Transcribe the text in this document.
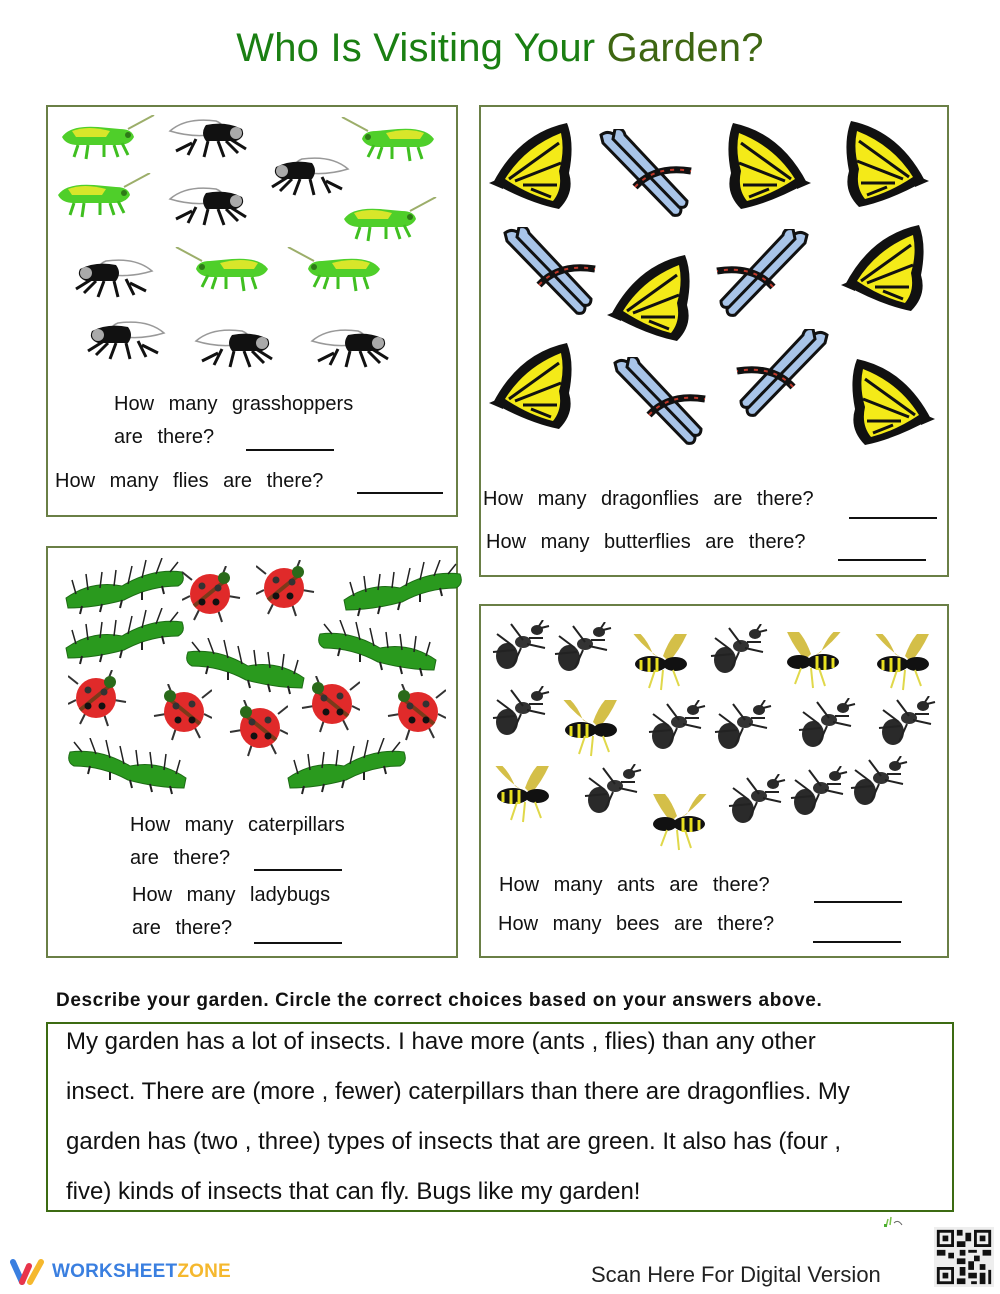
Who Is Visiting Your Garden?
How many grasshoppers
are there?
How many flies are there?
How many dragonflies are there?
How many butterflies are there?
How many caterpillars
are there?
How many ladybugs
are there?
How many ants are there?
How many bees are there?
Describe your garden. Circle the correct choices based on your answers above.
My garden has a lot of insects. I have more (ants , flies) than any other
insect. There are (more , fewer) caterpillars than there are dragonflies. My
garden has (two , three) types of insects that are green. It also has (four ,
five) kinds of insects that can fly. Bugs like my garden!
WORKSHEETZONE	Scan Here For Digital Version
